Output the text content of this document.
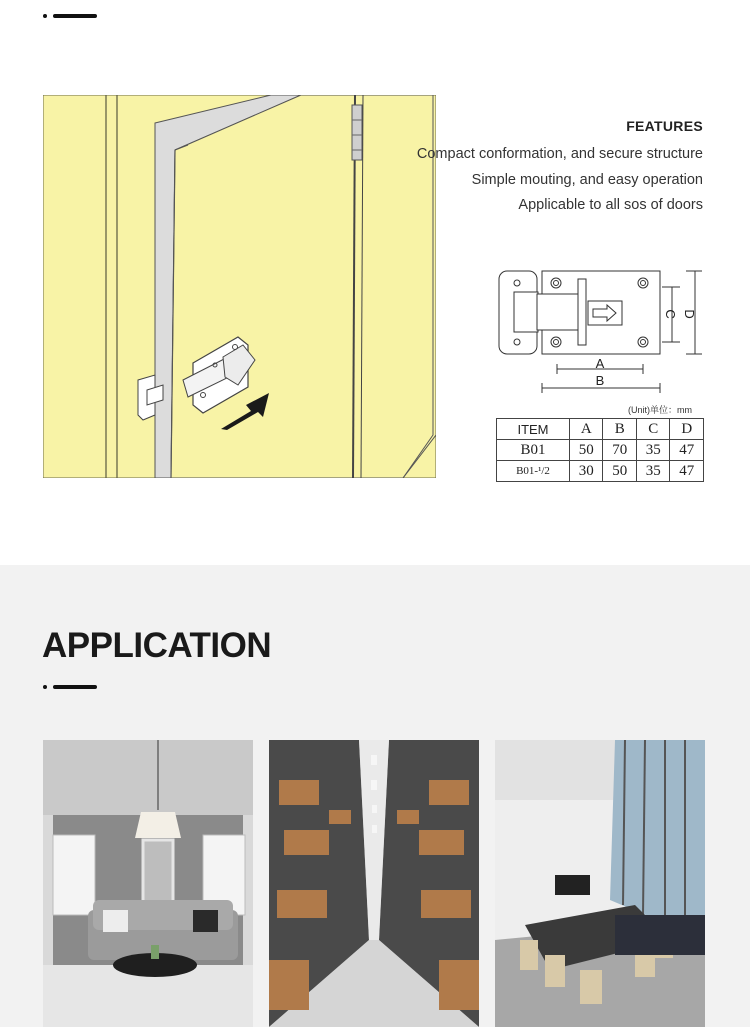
FEATURES
Compact conformation, and secure structure
Simple mouting, and easy operation
Applicable to all sos of doors
A
B
C D
(Unit)单位：mm
ITEM	A	B	C	D
B01	50	70	35	47
B01-¹/2	30	50	35	47
APPLICATION
